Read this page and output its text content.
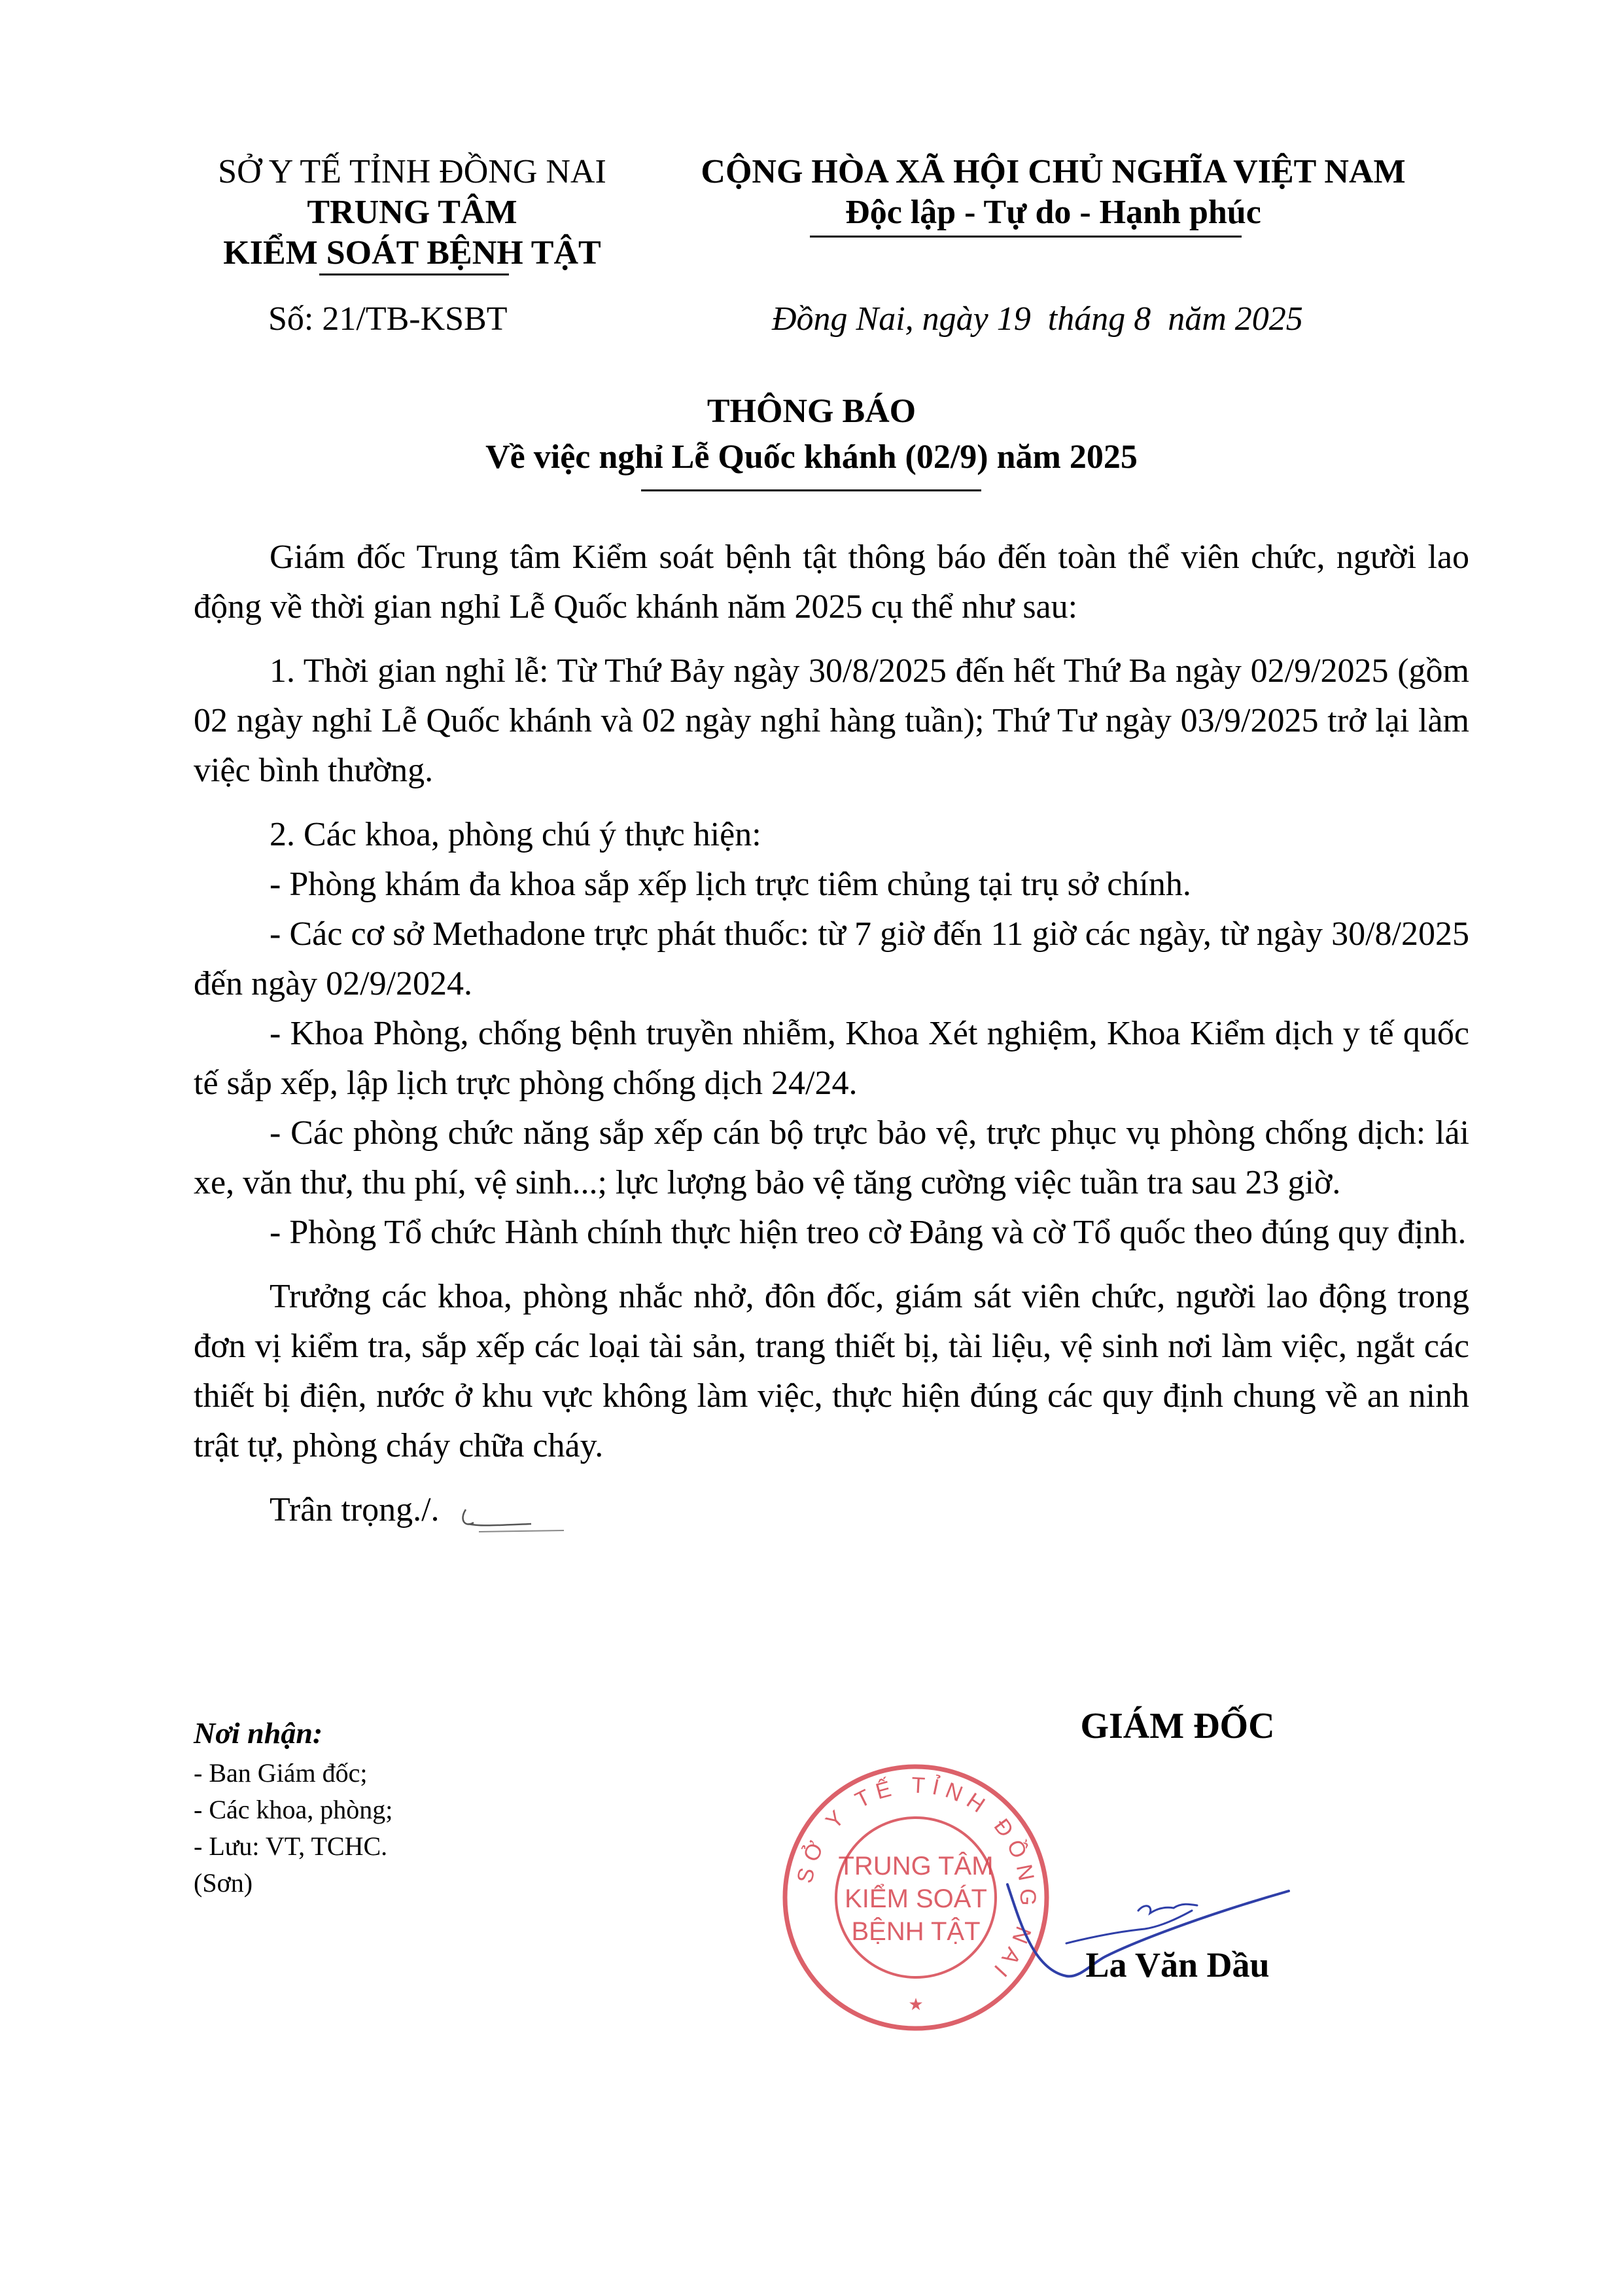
SỞ Y TẾ TỈNH ĐỒNG NAI
TRUNG TÂM
KIỂM SOÁT BỆNH TẬT
Số: 21/TB-KSBT
CỘNG HÒA XÃ HỘI CHỦ NGHĨA VIỆT NAM
Độc lập - Tự do - Hạnh phúc
Đồng Nai, ngày 19  tháng 8  năm 2025
THÔNG BÁO
Về việc nghỉ Lễ Quốc khánh (02/9) năm 2025

Giám đốc Trung tâm Kiểm soát bệnh tật thông báo đến toàn thể viên chức, người lao động về thời gian nghỉ Lễ Quốc khánh năm 2025 cụ thể như sau:

1. Thời gian nghỉ lễ: Từ Thứ Bảy ngày 30/8/2025 đến hết Thứ Ba ngày 02/9/2025 (gồm 02 ngày nghỉ Lễ Quốc khánh và 02 ngày nghỉ hàng tuần); Thứ Tư ngày 03/9/2025 trở lại làm việc bình thường.

2. Các khoa, phòng chú ý thực hiện:

- Phòng khám đa khoa sắp xếp lịch trực tiêm chủng tại trụ sở chính.

- Các cơ sở Methadone trực phát thuốc: từ 7 giờ đến 11 giờ các ngày, từ ngày 30/8/2025 đến ngày 02/9/2024.

- Khoa Phòng, chống bệnh truyền nhiễm, Khoa Xét nghiệm, Khoa Kiểm dịch y tế quốc tế sắp xếp, lập lịch trực phòng chống dịch 24/24.

- Các phòng chức năng sắp xếp cán bộ trực bảo vệ, trực phục vụ phòng chống dịch: lái xe, văn thư, thu phí, vệ sinh...; lực lượng bảo vệ tăng cường việc tuần tra sau 23 giờ.

- Phòng Tổ chức Hành chính thực hiện treo cờ Đảng và cờ Tổ quốc theo đúng quy định.

Trưởng các khoa, phòng nhắc nhở, đôn đốc, giám sát viên chức, người lao động trong đơn vị kiểm tra, sắp xếp các loại tài sản, trang thiết bị, tài liệu, vệ sinh nơi làm việc, ngắt các thiết bị điện, nước ở khu vực không làm việc, thực hiện đúng các quy định chung về an ninh trật tự, phòng cháy chữa cháy.

Trân trọng./.

Nơi nhận:
- Ban Giám đốc;
- Các khoa, phòng;
- Lưu: VT, TCHC.
(Sơn)
GIÁM ĐỐC
SỞ Y TẾ TỈNH ĐỒNG NAI
TRUNG TÂM
KIỂM SOÁT
BỆNH TẬT
★
La Văn Dầu
